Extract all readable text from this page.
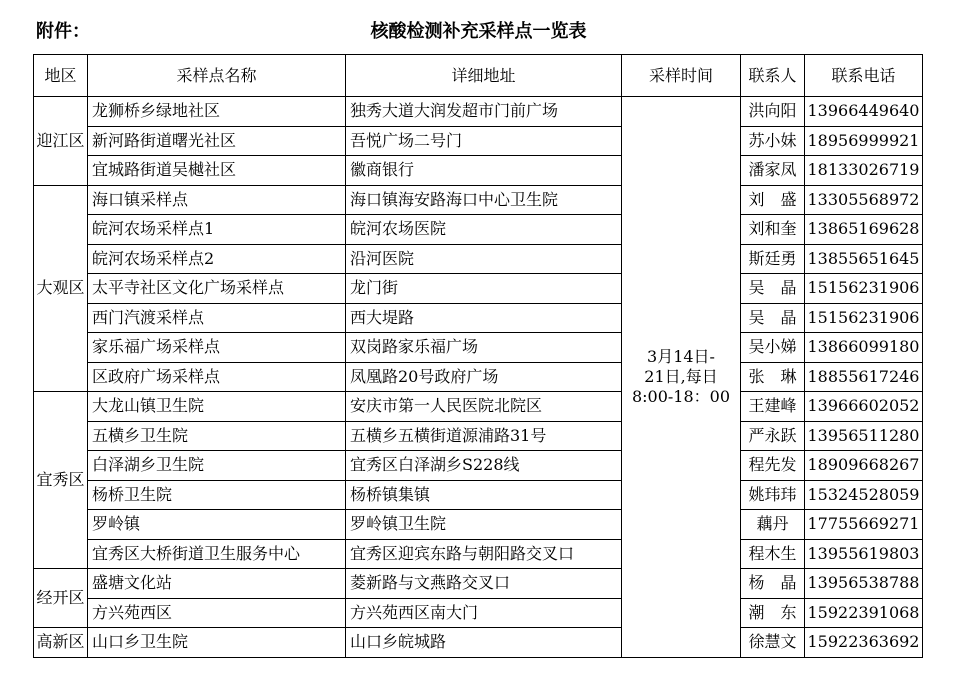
附件：	核酸检测补充采样点一览表
地区	采样点名称	详细地址	采样时间	联系人	联系电话
迎江区	龙狮桥乡绿地社区	独秀大道大润发超市门前广场	3月14日-
21日,每日
8:00-18：00	洪向阳	13966449640
	新河路街道曙光社区	吾悦广场二号门		苏小妹	18956999921
	宜城路街道吴樾社区	徽商银行		潘家凤	18133026719
大观区	海口镇采样点	海口镇海安路海口中心卫生院		刘　盛	13305568972
	皖河农场采样点1	皖河农场医院		刘和奎	13865169628
	皖河农场采样点2	沿河医院		斯廷勇	13855651645
	太平寺社区文化广场采样点	龙门街		吴　晶	15156231906
	西门汽渡采样点	西大堤路		吴　晶	15156231906
	家乐福广场采样点	双岗路家乐福广场		吴小娣	13866099180
	区政府广场采样点	凤凰路20号政府广场		张　琳	18855617246
宜秀区	大龙山镇卫生院	安庆市第一人民医院北院区		王建峰	13966602052
	五横乡卫生院	五横乡五横街道源浦路31号		严永跃	13956511280
	白泽湖乡卫生院	宜秀区白泽湖乡S228线		程先发	18909668267
	杨桥卫生院	杨桥镇集镇		姚玮玮	15324528059
	罗岭镇	罗岭镇卫生院		藕丹	17755669271
	宜秀区大桥街道卫生服务中心	宜秀区迎宾东路与朝阳路交叉口		程木生	13955619803
经开区	盛塘文化站	菱新路与文燕路交叉口		杨　晶	13956538788
	方兴苑西区	方兴苑西区南大门		潮　东	15922391068
高新区	山口乡卫生院	山口乡皖城路		徐慧文	15922363692
